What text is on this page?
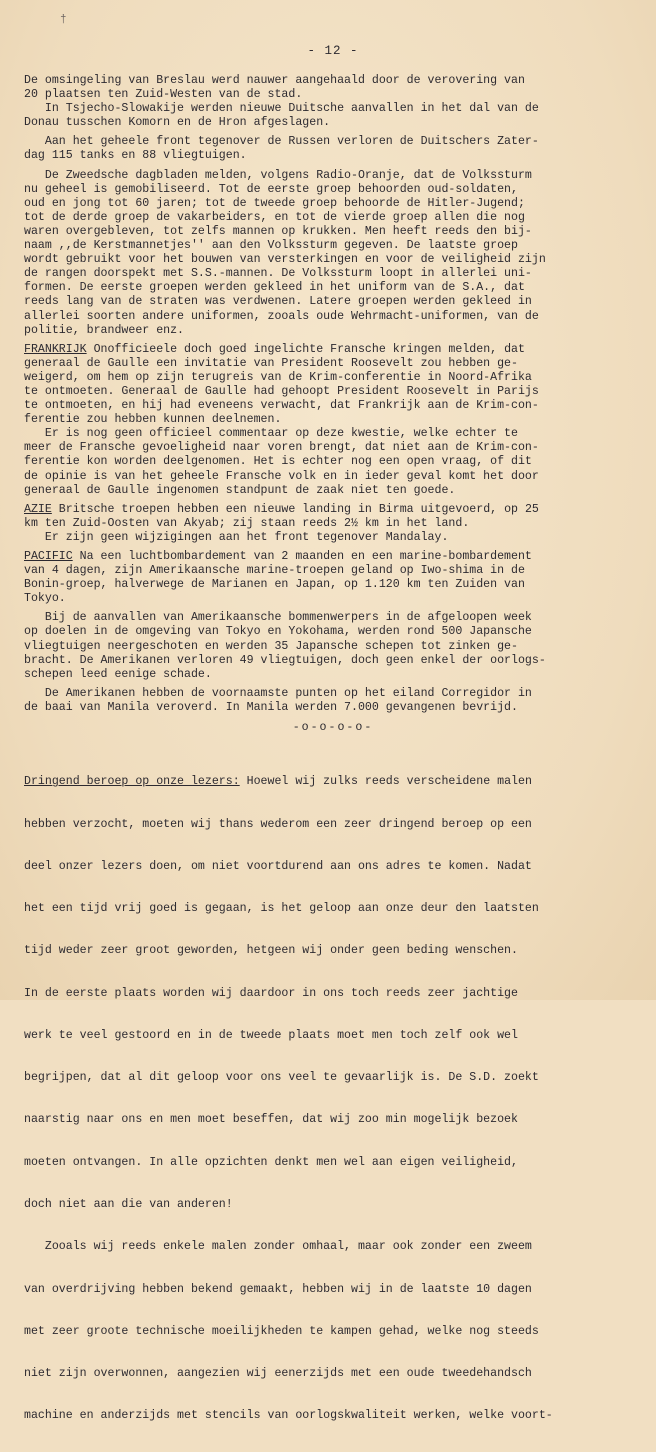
†
- 12 -
De omsingeling van Breslau werd nauwer aangehaald door de verovering van
20 plaatsen ten Zuid-Westen van de stad.
In Tsjecho-Slowakije werden nieuwe Duitsche aanvallen in het dal van de
Donau tusschen Komorn en de Hron afgeslagen.
Aan het geheele front tegenover de Russen verloren de Duitschers Zater-
dag 115 tanks en 88 vliegtuigen.
De Zweedsche dagbladen melden, volgens Radio-Oranje, dat de Volkssturm
nu geheel is gemobiliseerd. Tot de eerste groep behoorden oud-soldaten,
oud en jong tot 60 jaren; tot de tweede groep behoorde de Hitler-Jugend;
tot de derde groep de vakarbeiders, en tot de vierde groep allen die nog
waren overgebleven, tot zelfs mannen op krukken. Men heeft reeds den bij-
naam ,,de Kerstmannetjes'' aan den Volkssturm gegeven. De laatste groep
wordt gebruikt voor het bouwen van versterkingen en voor de veiligheid zijn
de rangen doorspekt met S.S.-mannen. De Volkssturm loopt in allerlei uni-
formen. De eerste groepen werden gekleed in het uniform van de S.A., dat
reeds lang van de straten was verdwenen. Latere groepen werden gekleed in
allerlei soorten andere uniformen, zooals oude Wehrmacht-uniformen, van de
politie, brandweer enz.
FRANKRIJK Onofficieele doch goed ingelichte Fransche kringen melden, dat
generaal de Gaulle een invitatie van President Roosevelt zou hebben ge-
weigerd, om hem op zijn terugreis van de Krim-conferentie in Noord-Afrika
te ontmoeten. Generaal de Gaulle had gehoopt President Roosevelt in Parijs
te ontmoeten, en hij had eveneens verwacht, dat Frankrijk aan de Krim-con-
ferentie zou hebben kunnen deelnemen.
Er is nog geen officieel commentaar op deze kwestie, welke echter te
meer de Fransche gevoeligheid naar voren brengt, dat niet aan de Krim-con-
ferentie kon worden deelgenomen. Het is echter nog een open vraag, of dit
de opinie is van het geheele Fransche volk en in ieder geval komt het door
generaal de Gaulle ingenomen standpunt de zaak niet ten goede.
AZIE Britsche troepen hebben een nieuwe landing in Birma uitgevoerd, op 25
km ten Zuid-Oosten van Akyab; zij staan reeds 2½ km in het land.
Er zijn geen wijzigingen aan het front tegenover Mandalay.
PACIFIC Na een luchtbombardement van 2 maanden en een marine-bombardement
van 4 dagen, zijn Amerikaansche marine-troepen geland op Iwo-shima in de
Bonin-groep, halverwege de Marianen en Japan, op 1.120 km ten Zuiden van
Tokyo.
Bij de aanvallen van Amerikaansche bommenwerpers in de afgeloopen week
op doelen in de omgeving van Tokyo en Yokohama, werden rond 500 Japansche
vliegtuigen neergeschoten en werden 35 Japansche schepen tot zinken ge-
bracht. De Amerikanen verloren 49 vliegtuigen, doch geen enkel der oorlogs-
schepen leed eenige schade.
De Amerikanen hebben de voornaamste punten op het eiland Corregidor in
de baai van Manila veroverd. In Manila werden 7.000 gevangenen bevrijd.
-o-o-o-o-

Dringend beroep op onze lezers: Hoewel wij zulks reeds verscheidene malen

hebben verzocht, moeten wij thans wederom een zeer dringend beroep op een

deel onzer lezers doen, om niet voortdurend aan ons adres te komen. Nadat

het een tijd vrij goed is gegaan, is het geloop aan onze deur den laatsten

tijd weder zeer groot geworden, hetgeen wij onder geen beding wenschen.

In de eerste plaats worden wij daardoor in ons toch reeds zeer jachtige

werk te veel gestoord en in de tweede plaats moet men toch zelf ook wel

begrijpen, dat al dit geloop voor ons veel te gevaarlijk is. De S.D. zoekt

naarstig naar ons en men moet beseffen, dat wij zoo min mogelijk bezoek

moeten ontvangen. In alle opzichten denkt men wel aan eigen veiligheid,

doch niet aan die van anderen!

Zooals wij reeds enkele malen zonder omhaal, maar ook zonder een zweem

van overdrijving hebben bekend gemaakt, hebben wij in de laatste 10 dagen

met zeer groote technische moeilijkheden te kampen gehad, welke nog steeds

niet zijn overwonnen, aangezien wij eenerzijds met een oude tweedehandsch

machine en anderzijds met stencils van oorlogskwaliteit werken, welke voort-
